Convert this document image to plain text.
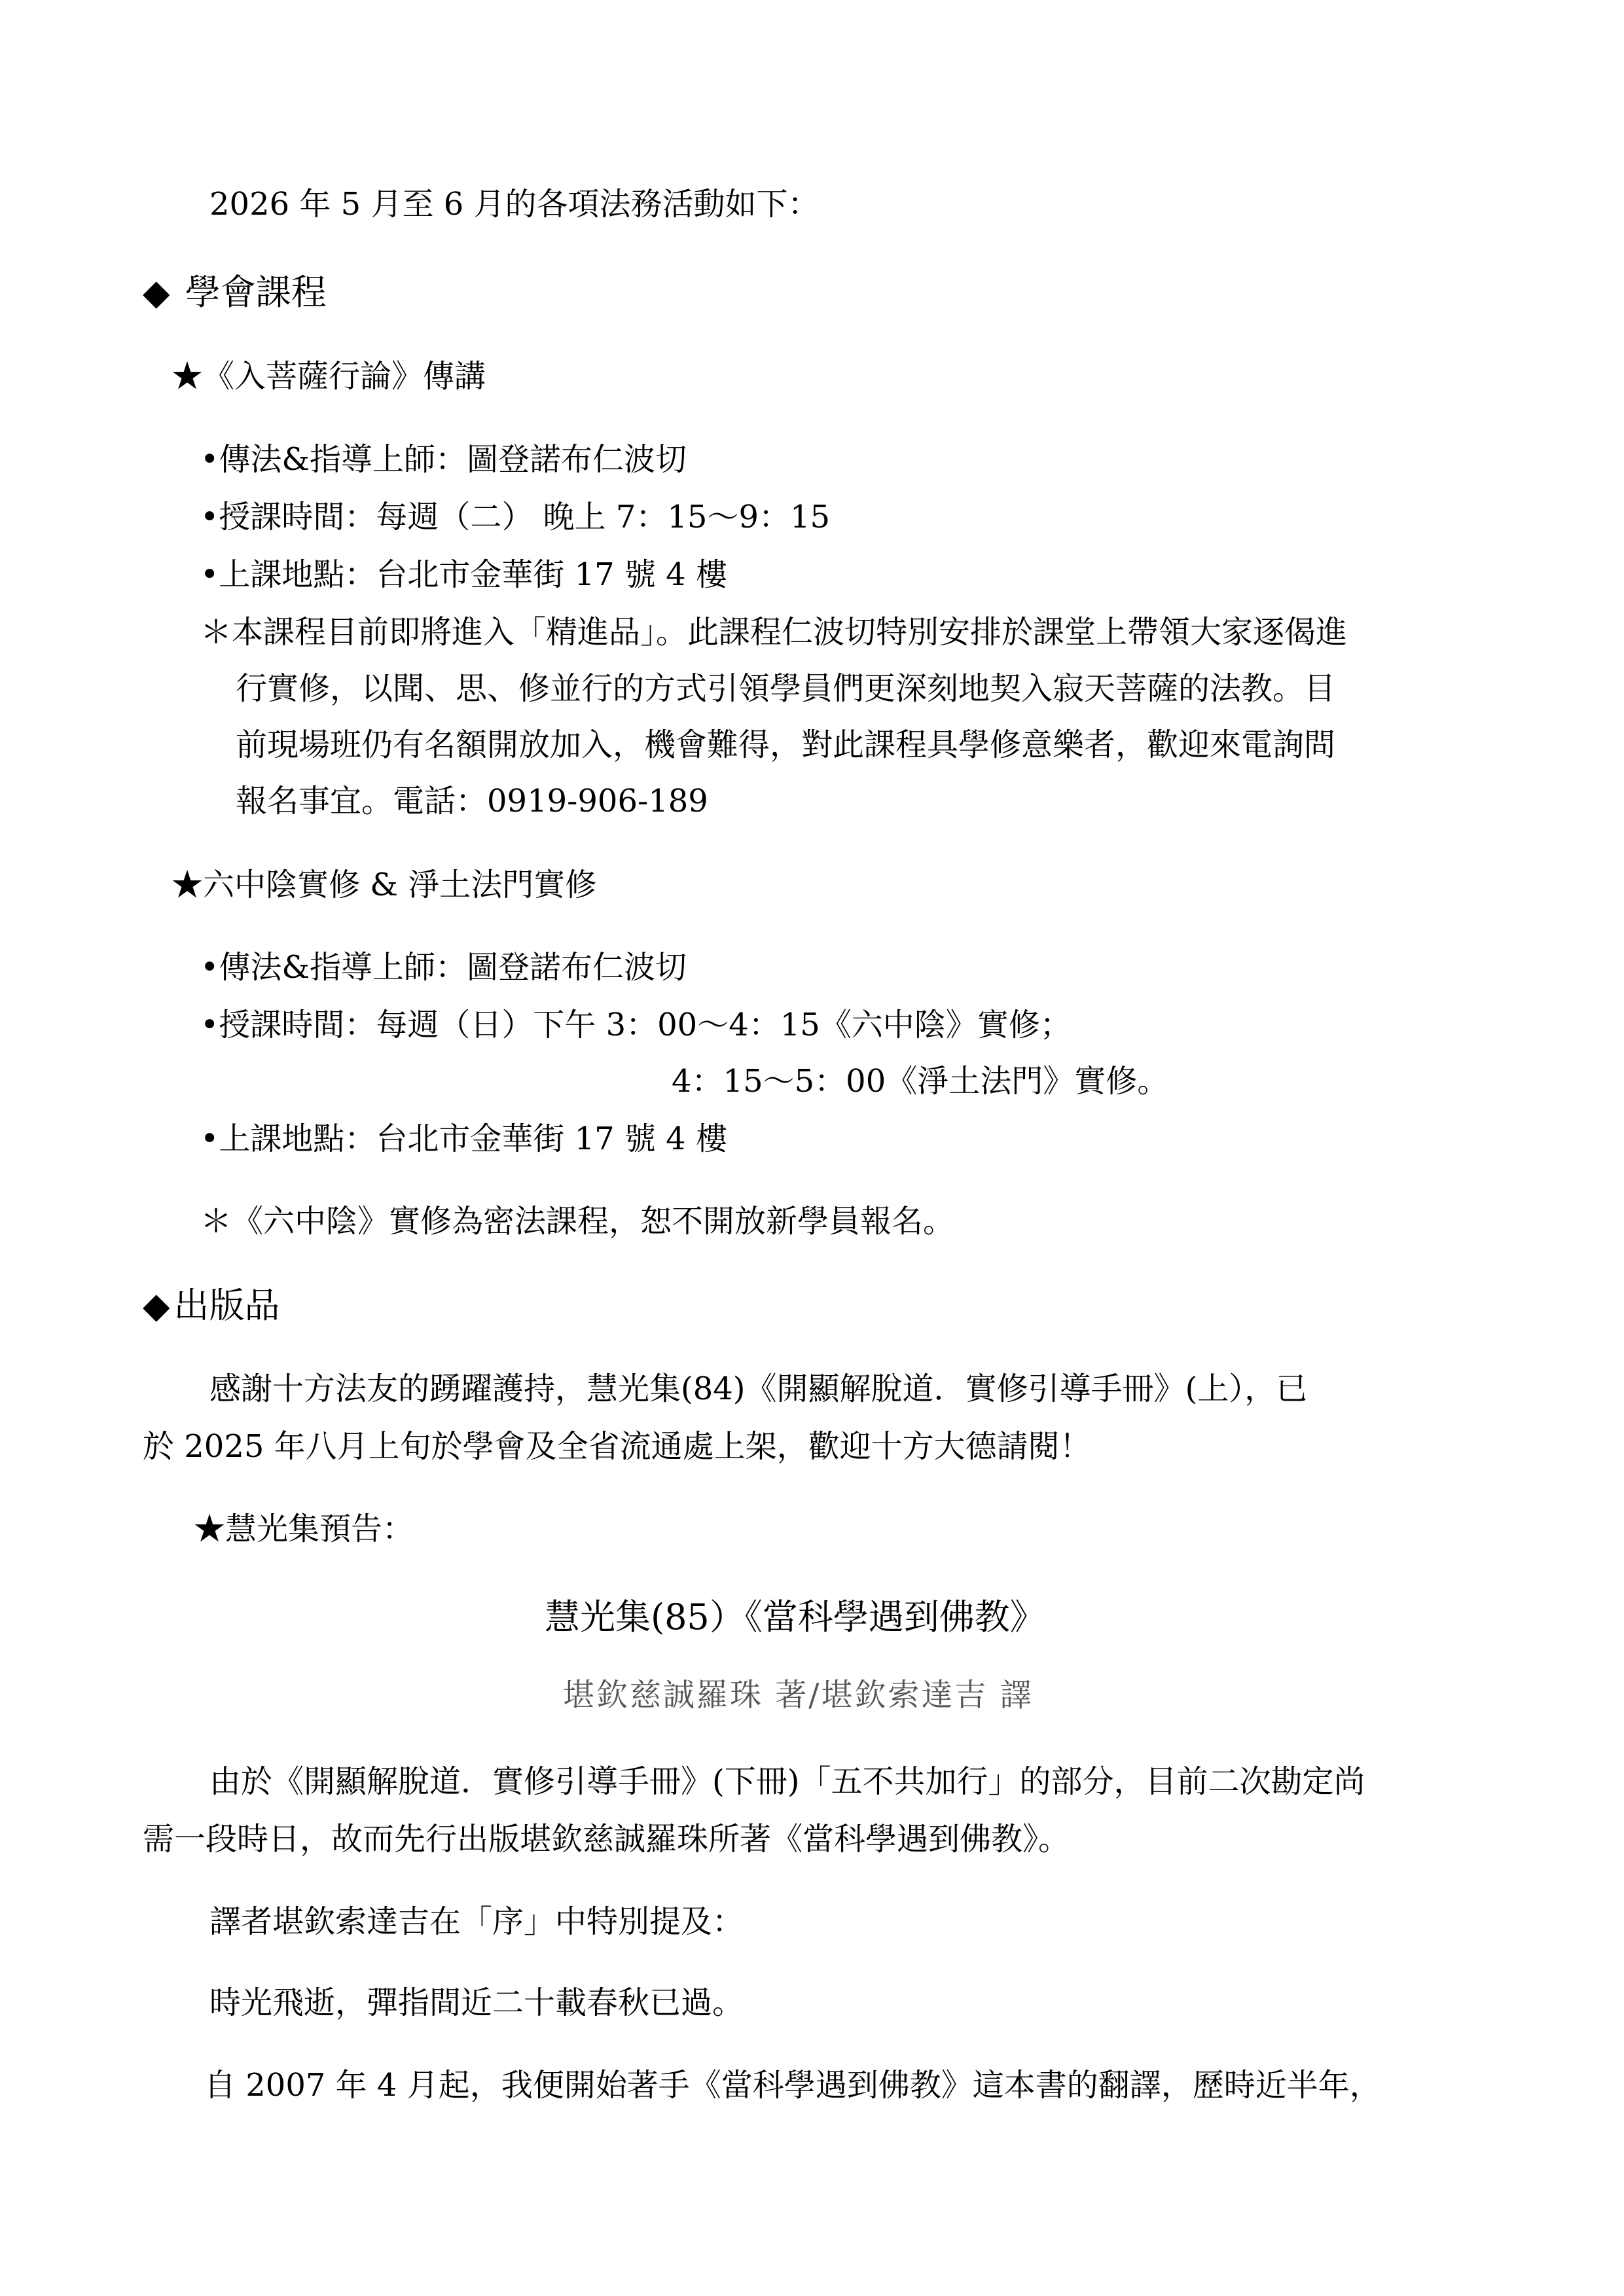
2026 年 5 月至 6 月的各項法務活動如下：
◆ 學會課程
★《入菩薩行論》傳講
•傳法&指導上師：圖登諾布仁波切
•授課時間：每週（二） 晚上 7：15～9：15
•上課地點：台北市金華街 17 號 4 樓
＊本課程目前即將進入「精進品」。此課程仁波切特別安排於課堂上帶領大家逐偈進
行實修，以聞、思、修並行的方式引領學員們更深刻地契入寂天菩薩的法教。目
前現場班仍有名額開放加入，機會難得，對此課程具學修意樂者，歡迎來電詢問
報名事宜。電話：0919-906-189
★六中陰實修 & 淨土法門實修
•傳法&指導上師：圖登諾布仁波切
•授課時間：每週（日）下午 3：00～4：15《六中陰》實修；
4：15～5：00《淨土法門》實修。
•上課地點：台北市金華街 17 號 4 樓
＊《六中陰》實修為密法課程，恕不開放新學員報名。
◆ 出版品
感謝十方法友的踴躍護持，慧光集(84)《開顯解脫道．實修引導手冊》(上），已
於 2025 年八月上旬於學會及全省流通處上架，歡迎十方大德請閱！
★慧光集預告：
慧光集(85）《當科學遇到佛教》
堪欽慈誠羅珠 著/堪欽索達吉 譯
由於《開顯解脫道．實修引導手冊》(下冊)「五不共加行」的部分，目前二次勘定尚
需一段時日，故而先行出版堪欽慈誠羅珠所著《當科學遇到佛教》。
譯者堪欽索達吉在「序」中特別提及：
時光飛逝，彈指間近二十載春秋已過。
自 2007 年 4 月起，我便開始著手《當科學遇到佛教》這本書的翻譯，歷時近半年，
